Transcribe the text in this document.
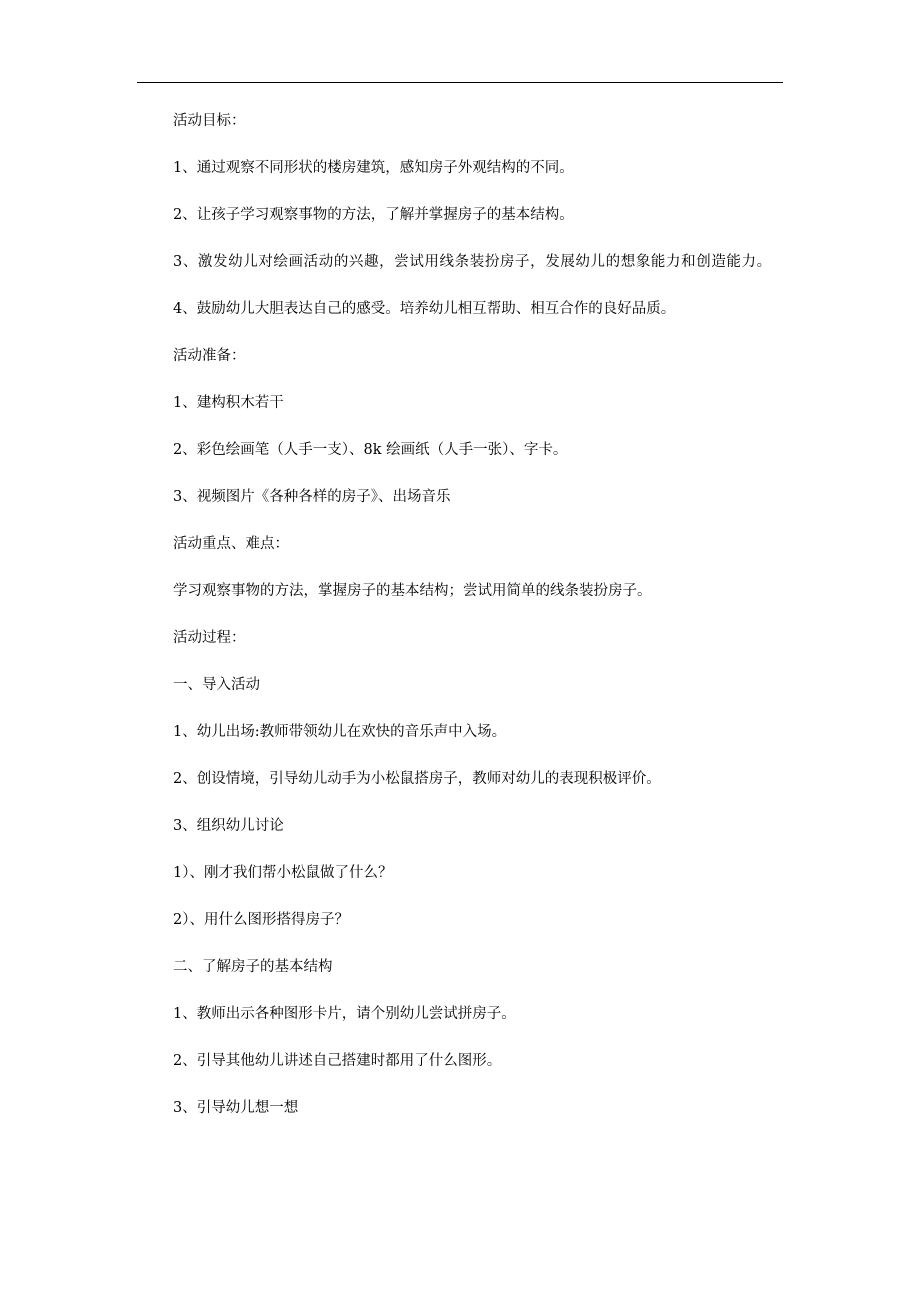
活动目标：

1、通过观察不同形状的楼房建筑，感知房子外观结构的不同。

2、让孩子学习观察事物的方法，了解并掌握房子的基本结构。

3、激发幼儿对绘画活动的兴趣，尝试用线条装扮房子，发展幼儿的想象能力和创造能力。

4、鼓励幼儿大胆表达自己的感受。培养幼儿相互帮助、相互合作的良好品质。

活动准备：

1、建构积木若干

2、彩色绘画笔（人手一支）、8k 绘画纸（人手一张）、字卡。

3、视频图片《各种各样的房子》、出场音乐

活动重点、难点：

学习观察事物的方法，掌握房子的基本结构；尝试用简单的线条装扮房子。

活动过程：

一、导入活动

1、幼儿出场:教师带领幼儿在欢快的音乐声中入场。

2、创设情境，引导幼儿动手为小松鼠搭房子，教师对幼儿的表现积极评价。

3、组织幼儿讨论

1）、刚才我们帮小松鼠做了什么？

2）、用什么图形搭得房子？

二、了解房子的基本结构

1、教师出示各种图形卡片，请个别幼儿尝试拼房子。

2、引导其他幼儿讲述自己搭建时都用了什么图形。

3、引导幼儿想一想
